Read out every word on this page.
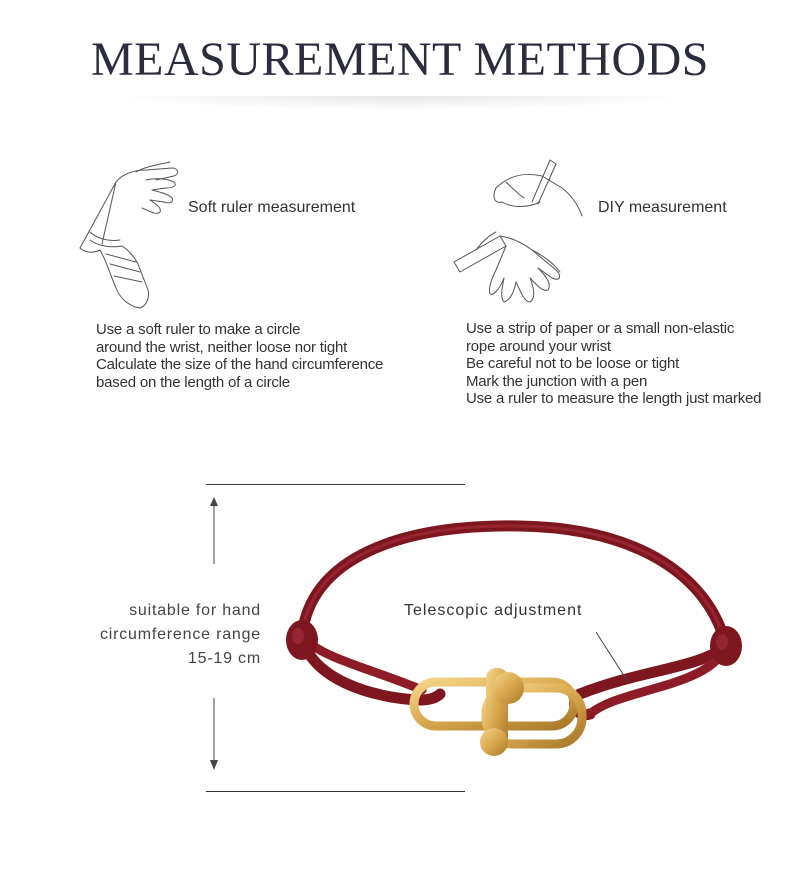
MEASUREMENT METHODS
Soft ruler measurement
Use a soft ruler to make a circle
around the wrist, neither loose nor tight
Calculate the size of the hand circumference
based on the length of a circle
DIY measurement
Use a strip of paper or a small non-elastic
rope around your wrist
Be careful not to be loose or tight
Mark the junction with a pen
Use a ruler to measure the length just marked
suitable for hand
circumference range
15-19 cm
Telescopic adjustment
